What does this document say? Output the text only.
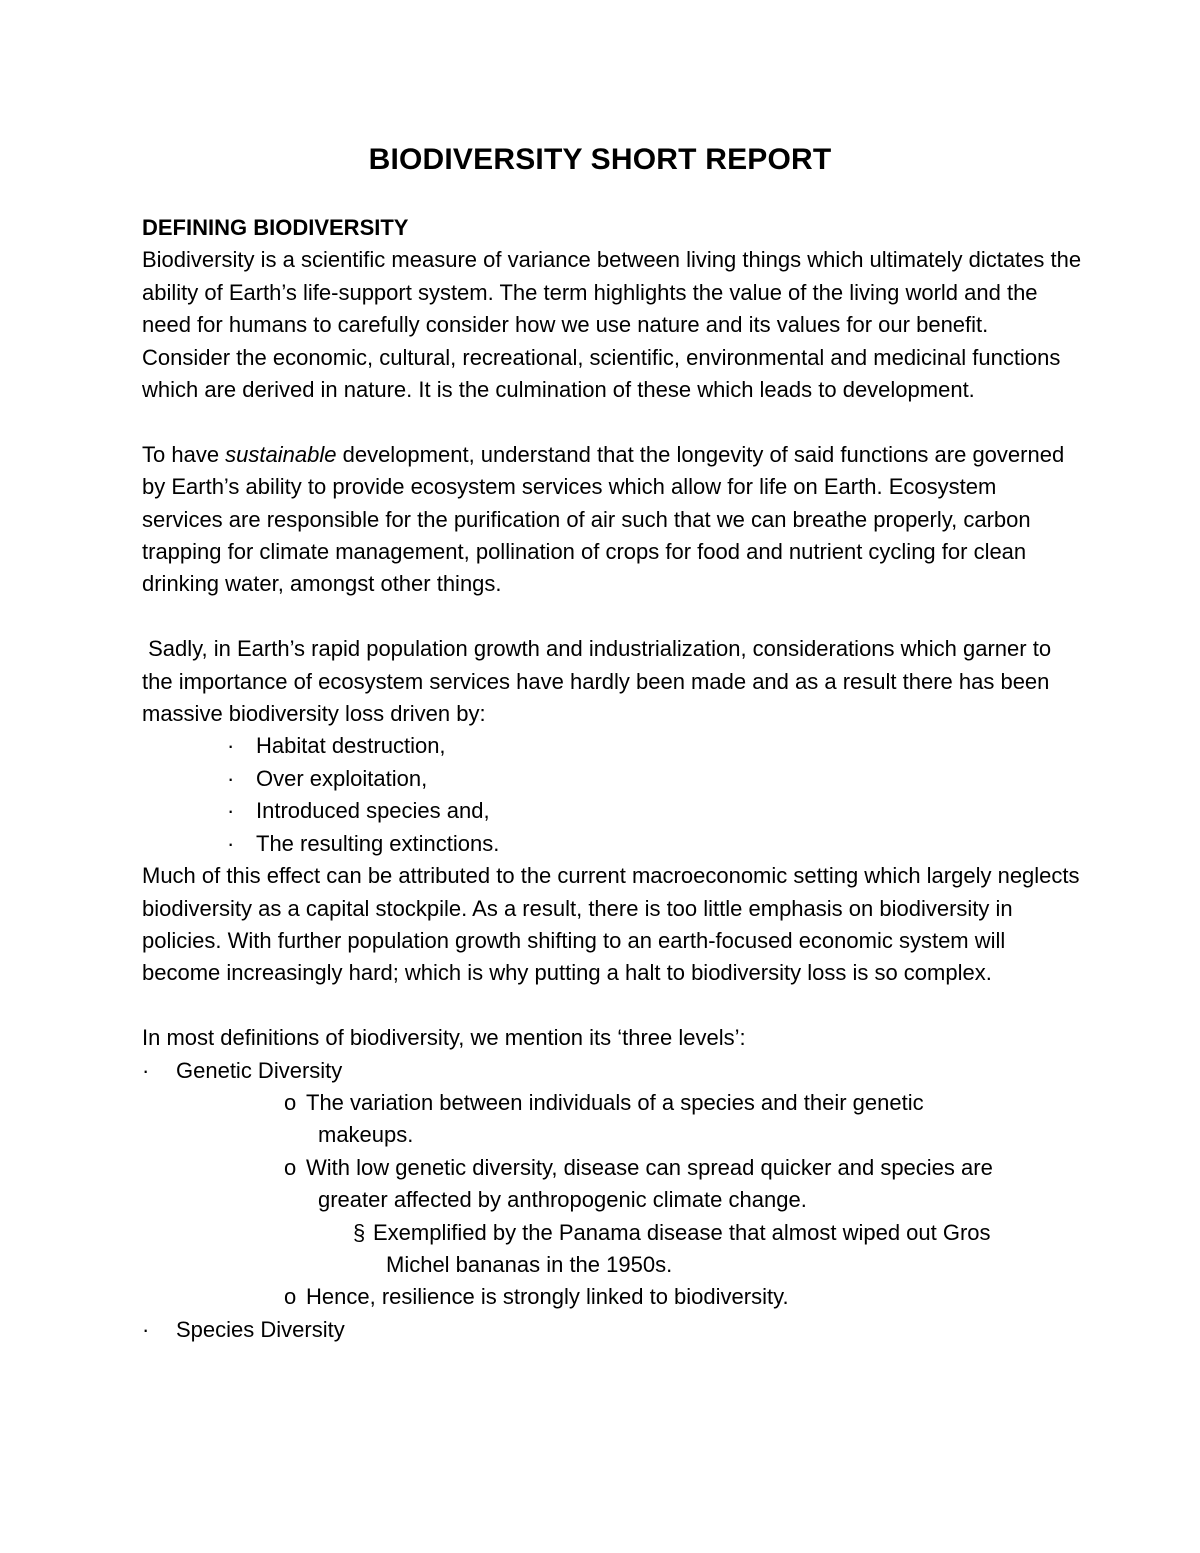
BIODIVERSITY SHORT REPORT
DEFINING BIODIVERSITY

Biodiversity is a scientific measure of variance between living things which ultimately dictates the ability of Earth’s life-support system. The term highlights the value of the living world and the need for humans to carefully consider how we use nature and its values for our benefit. Consider the economic, cultural, recreational, scientific, environmental and medicinal functions which are derived in nature. It is the culmination of these which leads to development.

To have sustainable development, understand that the longevity of said functions are governed by Earth’s ability to provide ecosystem services which allow for life on Earth. Ecosystem services are responsible for the purification of air such that we can breathe properly, carbon trapping for climate management, pollination of crops for food and nutrient cycling for clean drinking water, amongst other things.

Sadly, in Earth’s rapid population growth and industrialization, considerations which garner to the importance of ecosystem services have hardly been made and as a result there has been massive biodiversity loss driven by:

· Habitat destruction,
· Over exploitation,
· Introduced species and,
· The resulting extinctions.

Much of this effect can be attributed to the current macroeconomic setting which largely neglects biodiversity as a capital stockpile. As a result, there is too little emphasis on biodiversity in policies. With further population growth shifting to an earth-focused economic system will become increasingly hard; which is why putting a halt to biodiversity loss is so complex.

In most definitions of biodiversity, we mention its ‘three levels’:

· Genetic Diversity
o The variation between individuals of a species and their genetic
makeups.
o With low genetic diversity, disease can spread quicker and species are
greater affected by anthropogenic climate change.
§ Exemplified by the Panama disease that almost wiped out Gros
Michel bananas in the 1950s.
o Hence, resilience is strongly linked to biodiversity.
· Species Diversity
